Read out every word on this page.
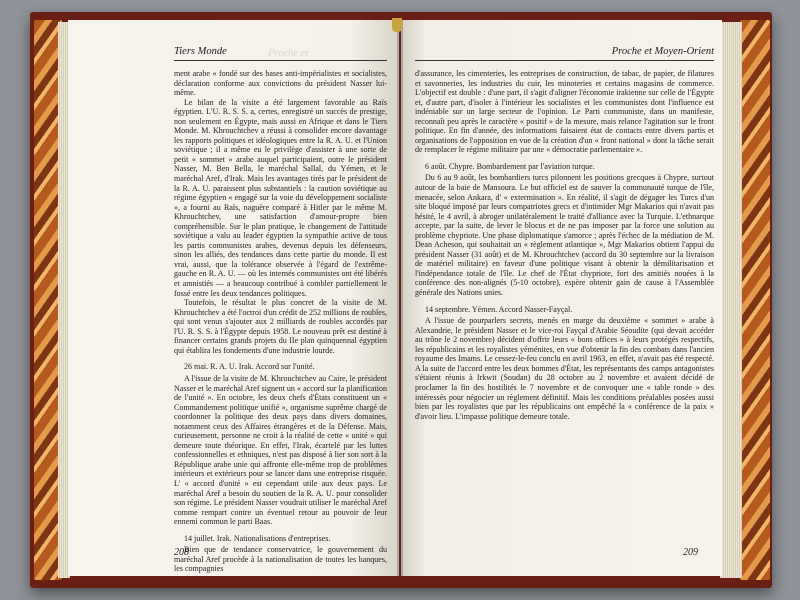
Proche et
Tiers Monde

ment arabe « fondé sur des bases anti-impérialistes et socialistes, déclaration conforme aux convictions du président Nasser lui-même.

Le bilan de la visite a été largement favorable au Raïs égyptien. L'U. R. S. S. a, certes, enregistré un succès de prestige, non seulement en Égypte, mais aussi en Afrique et dans le Tiers Monde. M. Khrouchtchev a réussi à consolider encore davantage les rapports politiques et idéologiques entre la R. A. U. et l'Union soviétique ; il a même eu le privilège d'assister à une sorte de petit « sommet » arabe auquel participaient, outre le président Nasser, M. Ben Bella, le maréchal Sallal, du Yémen, et le maréchal Aref, d'Irak. Mais les avantages tirés par le président de la R. A. U. paraissent plus substantiels : la caution soviétique au régime égyptien « engagé sur la voie du développement socialiste », a fourni au Raïs, naguère comparé à Hitler par le même M. Khrouchtchev, une satisfaction d'amour-propre bien compréhensible. Sur le plan pratique, le changement de l'attitude soviétique a valu au leader égyptien la sympathie active de tous les partis communistes arabes, devenus depuis les défenseurs, sinon les alliés, des tendances dans cette partie du monde. Il est vrai, aussi, que la tolérance observée à l'égard de l'extrême-gauche en R. A. U. — où les internés communistes ont été libérés et amnistiés — a beaucoup contribué à combler partiellement le fossé entre les deux tendances politiques.

Toutefois, le résultat le plus concret de la visite de M. Khrouchtchev a été l'octroi d'un crédit de 252 millions de roubles, qui sont venus s'ajouter aux 2 milliards de roubles accordés par l'U. R. S. S. à l'Égypte depuis 1958. Le nouveau prêt est destiné à financer certains grands projets du IIe plan quinquennal égyptien qui établira les fondements d'une industrie lourde.

26 mai. R. A. U. Irak. Accord sur l'unité.

A l'issue de la visite de M. Khrouchtchev au Caire, le président Nasser et le maréchal Aref signent un « accord sur la planification de l'unité ». En octobre, les deux chefs d'États constituent un « Commandement politique unifié », organisme suprême chargé de coordonner la politique des deux pays dans divers domaines, notamment ceux des Affaires étrangères et de la Défense. Mais, curieusement, personne ne croit à la réalité de cette « unité » qui demeure toute théorique. En effet, l'Irak, écartelé par les luttes confessionnelles et ethniques, n'est pas disposé à lier son sort à la République arabe unie qui affronte elle-même trop de problèmes intérieurs et extérieurs pour se lancer dans une entreprise risquée. L' « accord d'unité » est cependant utile aux deux pays. Le maréchal Aref a besoin du soutien de la R. A. U. pour consolider son régime. Le président Nasser voudrait utiliser le maréchal Aref comme rempart contre un éventuel retour au pouvoir de leur ennemi commun le parti Baas.

14 juillet. Irak. Nationalisations d'entreprises.

Bien que de tendance conservatrice, le gouvernement du maréchal Aref procède à la nationalisation de toutes les banques, les compagnies

208
Proche et Moyen-Orient

d'assurance, les cimenteries, les entreprises de construction, de tabac, de papier, de filatures et savonneries, les industries du cuir, les minoteries et certains magasins de commerce. L'objectif est double : d'une part, il s'agit d'aligner l'économie irakienne sur celle de l'Égypte et, d'autre part, d'isoler à l'intérieur les socialistes et les communistes dont l'influence est indéniable sur un large secteur de l'opinion. Le Parti communiste, dans un manifeste, reconnaît peu après le caractère « positif » de la mesure, mais relance l'agitation sur le front politique. En fin d'année, des informations faisaient état de contacts entre divers partis et organisations de l'opposition en vue de la création d'un « front national » dont la tâche serait de remplacer le régime militaire par une « démocratie parlementaire ».

6 août. Chypre. Bombardement par l'aviation turque.

Du 6 au 9 août, les bombardiers turcs pilonnent les positions grecques à Chypre, surtout autour de la baie de Mansoura. Le but officiel est de sauver la communauté turque de l'île, menacée, selon Ankara, d' « extermination ». En réalité, il s'agit de dégager les Turcs d'un site bloqué imposé par leurs compatriotes grecs et d'intimider Mgr Makarios qui n'avait pas hésité, le 4 avril, à abroger unilatéralement le traité d'alliance avec la Turquie. L'ethnarque accepte, par la suite, de lever le blocus et de ne pas imposer par la force une solution au problème chypriote. Une phase diplomatique s'amorce ; après l'échec de la médiation de M. Dean Acheson, qui souhaitait un « règlement atlantique », Mgr Makarios obtient l'appui du président Nasser (31 août) et de M. Khrouchtchev (accord du 30 septembre sur la livraison de matériel militaire) en faveur d'une politique visant à obtenir la démilitarisation et l'indépendance totale de l'île. Le chef de l'État chypriote, fort des amitiés nouées à la conférence des non-alignés (5-10 octobre), espère obtenir gain de cause à l'Assemblée générale des Nations unies.

14 septembre. Yémen. Accord Nasser-Fayçal.

A l'issue de pourparlers secrets, menés en marge du deuxième « sommet » arabe à Alexandrie, le président Nasser et le vice-roi Fayçal d'Arabie Séoudite (qui devait accéder au trône le 2 novembre) décident d'offrir leurs « bons offices » à leurs protégés respectifs, les républicains et les royalistes yéménites, en vue d'obtenir la fin des combats dans l'ancien royaume des Imams. Le cessez-le-feu conclu en avril 1963, en effet, n'avait pas été respecté. A la suite de l'accord entre les deux hommes d'État, les représentants des camps antagonistes s'étaient réunis à Irkwit (Soudan) du 28 octobre au 2 novembre et avaient décidé de proclamer la fin des hostilités le 7 novembre et de convoquer une « table ronde » des intéressés pour négocier un règlement définitif. Mais les conditions préalables posées aussi bien par les royalistes que par les républicains ont empêché la « conférence de la paix » d'avoir lieu. L'impasse politique demeure totale.

209
